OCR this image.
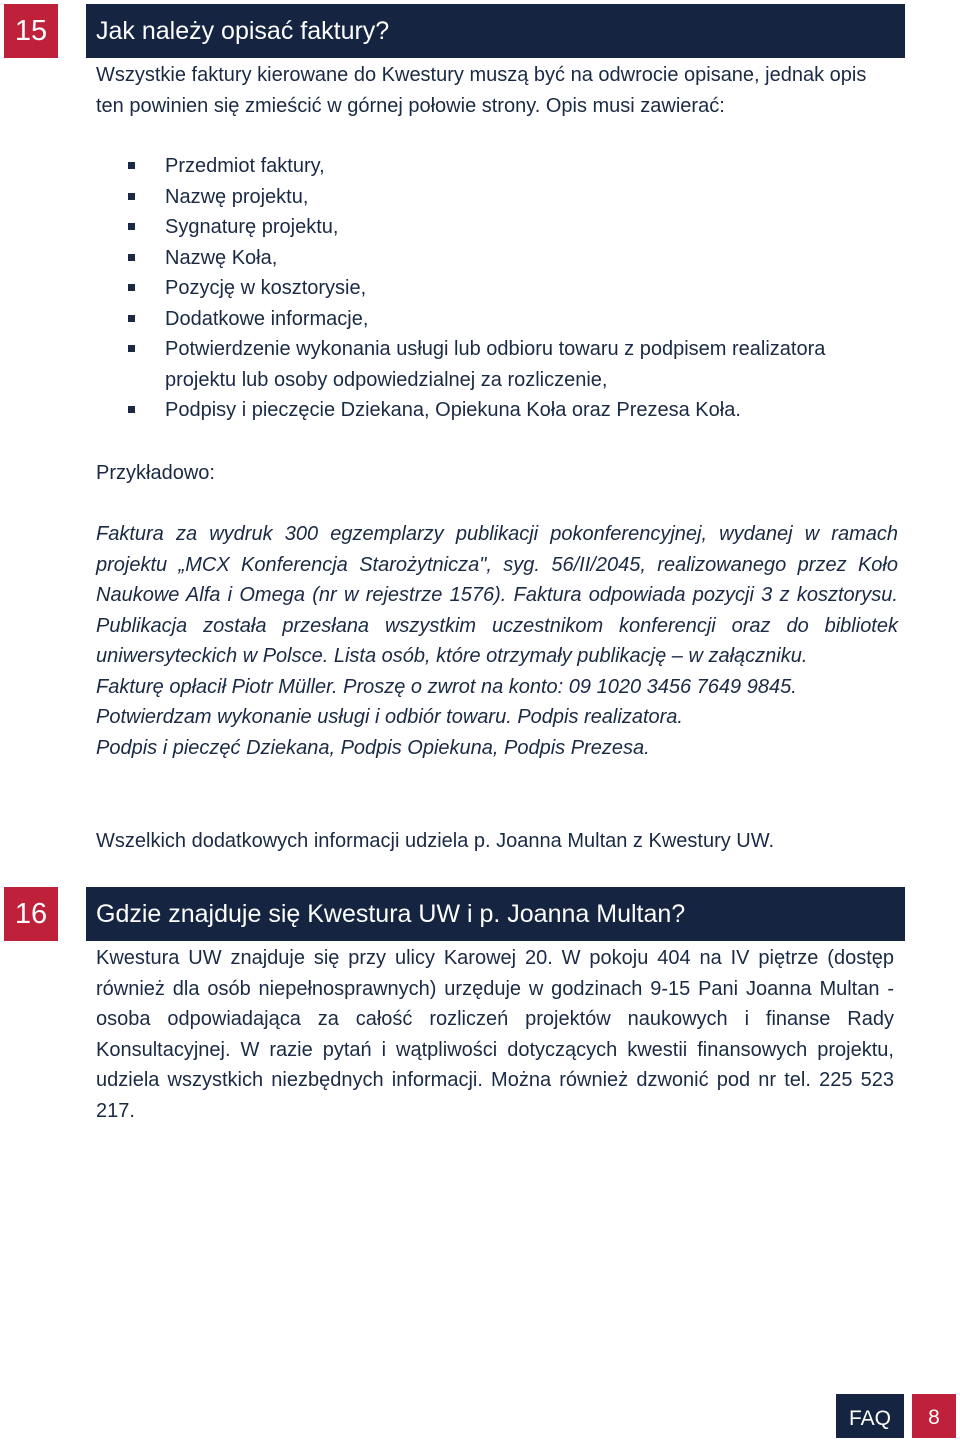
15	Jak należy opisać faktury?

Wszystkie faktury kierowane do Kwestury muszą być na odwrocie opisane, jednak opis ten powinien się zmieścić w górnej połowie strony. Opis musi zawierać:

Przedmiot faktury,
Nazwę projektu,
Sygnaturę projektu,
Nazwę Koła,
Pozycję w kosztorysie,
Dodatkowe informacje,
Potwierdzenie wykonania usługi lub odbioru towaru z podpisem realizatora projektu lub osoby odpowiedzialnej za rozliczenie,
Podpisy i pieczęcie Dziekana, Opiekuna Koła oraz Prezesa Koła.

Przykładowo:

Faktura za wydruk 300 egzemplarzy publikacji pokonferencyjnej, wydanej w ramach projektu „MCX Konferencja Starożytnicza", syg. 56/II/2045, realizowanego przez Koło Naukowe Alfa i Omega (nr w rejestrze 1576). Faktura odpowiada pozycji 3 z kosztorysu. Publikacja została przesłana wszystkim uczestnikom konferencji oraz do bibliotek uniwersyteckich w Polsce. Lista osób, które otrzymały publikację – w załączniku.

Fakturę opłacił Piotr Müller. Proszę o zwrot na konto: 09 1020 3456 7649 9845.

Potwierdzam wykonanie usługi i odbiór towaru. Podpis realizatora.

Podpis i pieczęć Dziekana, Podpis Opiekuna, Podpis Prezesa.

Wszelkich dodatkowych informacji udziela p. Joanna Multan z Kwestury UW.

16	Gdzie znajduje się Kwestura UW i p. Joanna Multan?

Kwestura UW znajduje się przy ulicy Karowej 20. W pokoju 404 na IV piętrze (dostęp również dla osób niepełnosprawnych) urzęduje w godzinach 9-15 Pani Joanna Multan - osoba odpowiadająca za całość rozliczeń projektów naukowych i finanse Rady Konsultacyjnej. W razie pytań i wątpliwości dotyczących kwestii finansowych projektu, udziela wszystkich niezbędnych informacji. Można również dzwonić pod nr tel. 225 523 217.

FAQ	8
